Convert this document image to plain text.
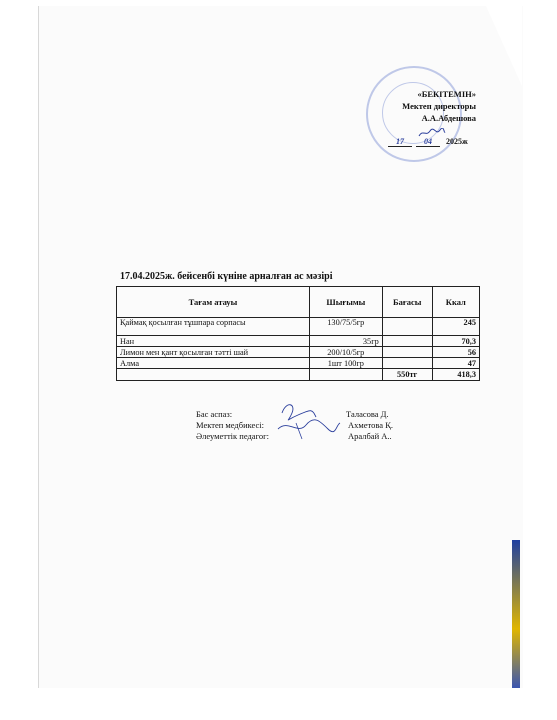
«БЕКІТЕМІН»
Мектеп директоры
А.А.Абдешова
17	04	2025ж
17.04.2025ж. бейсенбі күніне арналған ас мәзірі
Тағам атауы	Шығымы	Бағасы	Ккал
Қаймақ қосылған тұшпара сорпасы	130/75/5гр		245
Нан	35гр		70,3
Лимон мен қант қосылған тәтті шай	200/10/5гр		56
Алма	1шт 100гр		47
		550тг	418,3
Бас аспаз:	Таласова Д.
Мектеп медбикесі:	Ахметова Қ.
Әлеуметтік педагог:	Аралбай А..
